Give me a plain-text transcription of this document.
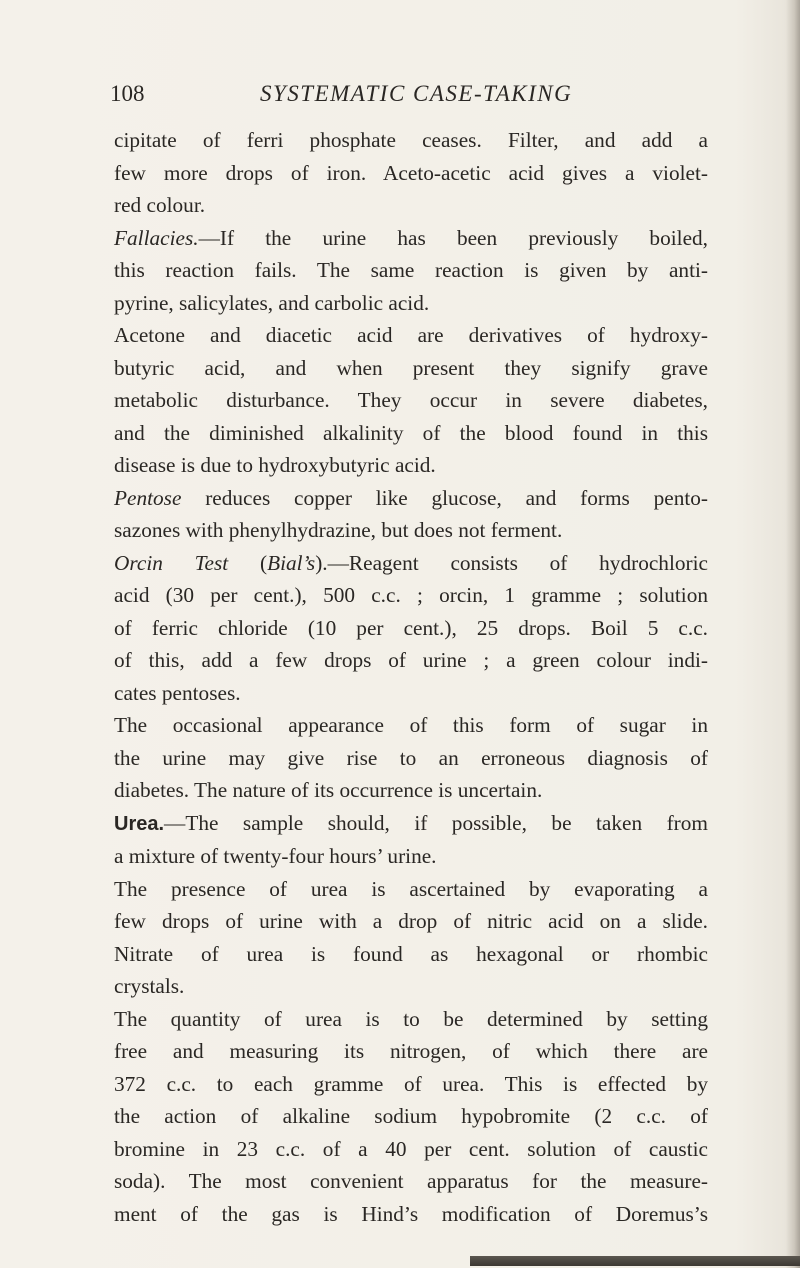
108	SYSTEMATIC CASE-TAKING

cipitate of ferri phosphate ceases. Filter, and add a
few more drops of iron. Aceto-acetic acid gives a violet-
red colour.

Fallacies.—If the urine has been previously boiled,
this reaction fails. The same reaction is given by anti-
pyrine, salicylates, and carbolic acid.

Acetone and diacetic acid are derivatives of hydroxy-
butyric acid, and when present they signify grave
metabolic disturbance. They occur in severe diabetes,
and the diminished alkalinity of the blood found in this
disease is due to hydroxybutyric acid.

Pentose reduces copper like glucose, and forms pento-
sazones with phenylhydrazine, but does not ferment.

Orcin Test (Bial’s).—Reagent consists of hydrochloric
acid (30 per cent.), 500 c.c. ; orcin, 1 gramme ; solution
of ferric chloride (10 per cent.), 25 drops. Boil 5 c.c.
of this, add a few drops of urine ; a green colour indi-
cates pentoses.

The occasional appearance of this form of sugar in
the urine may give rise to an erroneous diagnosis of
diabetes. The nature of its occurrence is uncertain.

Urea.—The sample should, if possible, be taken from
a mixture of twenty-four hours’ urine.

The presence of urea is ascertained by evaporating a
few drops of urine with a drop of nitric acid on a slide.
Nitrate of urea is found as hexagonal or rhombic
crystals.

The quantity of urea is to be determined by setting
free and measuring its nitrogen, of which there are
372 c.c. to each gramme of urea. This is effected by
the action of alkaline sodium hypobromite (2 c.c. of
bromine in 23 c.c. of a 40 per cent. solution of caustic
soda). The most convenient apparatus for the measure-
ment of the gas is Hind’s modification of Doremus’s
